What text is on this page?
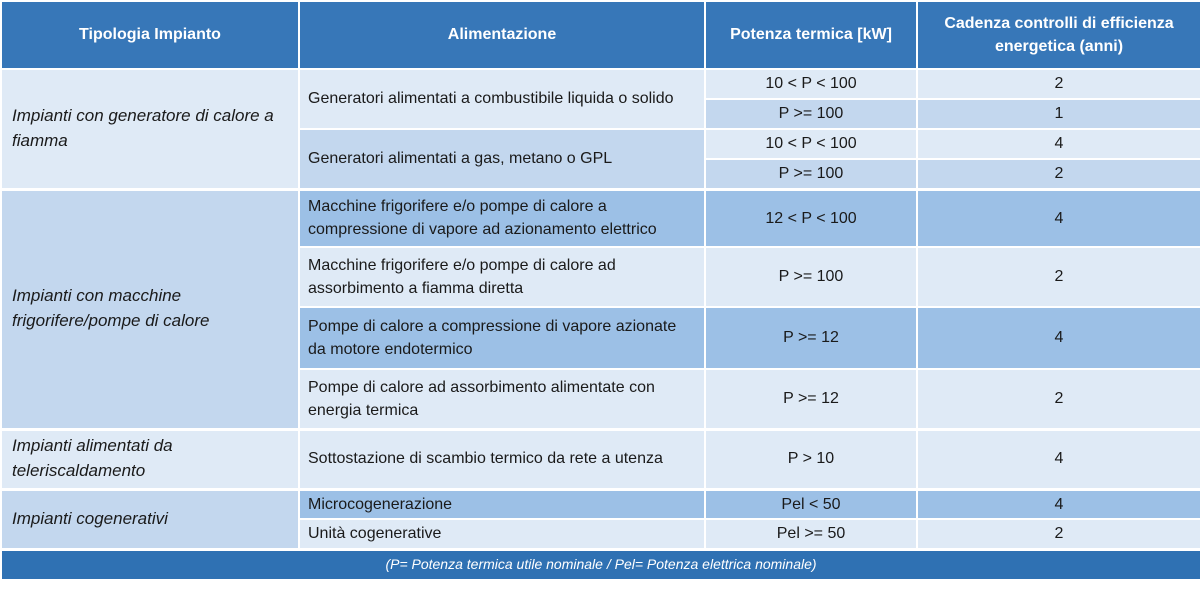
Tipologia Impianto	Alimentazione	Potenza termica [kW]	Cadenza controlli di efficienza energetica (anni)
Impianti con generatore di calore a fiamma	Generatori alimentati a combustibile liquida o solido	10 < P < 100	2
		P >= 100	1
	Generatori alimentati a gas, metano o GPL	10 < P < 100	4
		P >= 100	2
Impianti con macchine frigorifere/pompe di calore	Macchine frigorifere e/o pompe di calore a compressione di vapore ad azionamento elettrico	12 < P < 100	4
	Macchine frigorifere e/o pompe di calore ad assorbimento a fiamma diretta	P >= 100	2
	Pompe di calore a compressione di vapore azionate da motore endotermico	P >= 12	4
	Pompe di calore ad assorbimento alimentate con energia termica	P >= 12	2
Impianti alimentati da teleriscaldamento	Sottostazione di scambio termico da rete a utenza	P > 10	4
Impianti cogenerativi	Microcogenerazione	Pel < 50	4
	Unità cogenerative	Pel >= 50	2
(P= Potenza termica utile nominale / Pel= Potenza elettrica nominale)			
